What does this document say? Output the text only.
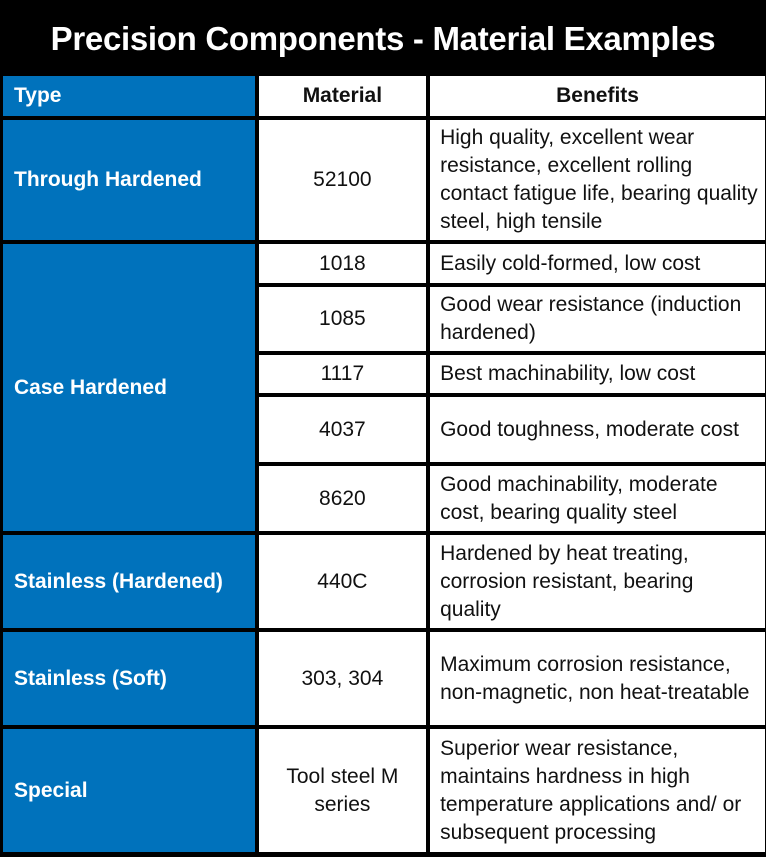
Precision Components - Material Examples
Type	Material	Benefits
Through Hardened	52100	High quality, excellent wear resistance, excellent rolling contact fatigue life, bearing quality steel, high tensile
Case Hardened	1018	Easily cold-formed, low cost
	1085	Good wear resistance (induction hardened)
	1117	Best machinability, low cost
	4037	Good toughness, moderate cost
	8620	Good machinability, moderate cost, bearing quality steel
Stainless (Hardened)	440C	Hardened by heat treating, corrosion resistant, bearing quality
Stainless (Soft)	303, 304	Maximum corrosion resistance, non-magnetic, non heat-treatable
Special	Tool steel M series	Superior wear resistance, maintains hardness in high temperature applications and/ or subsequent processing
